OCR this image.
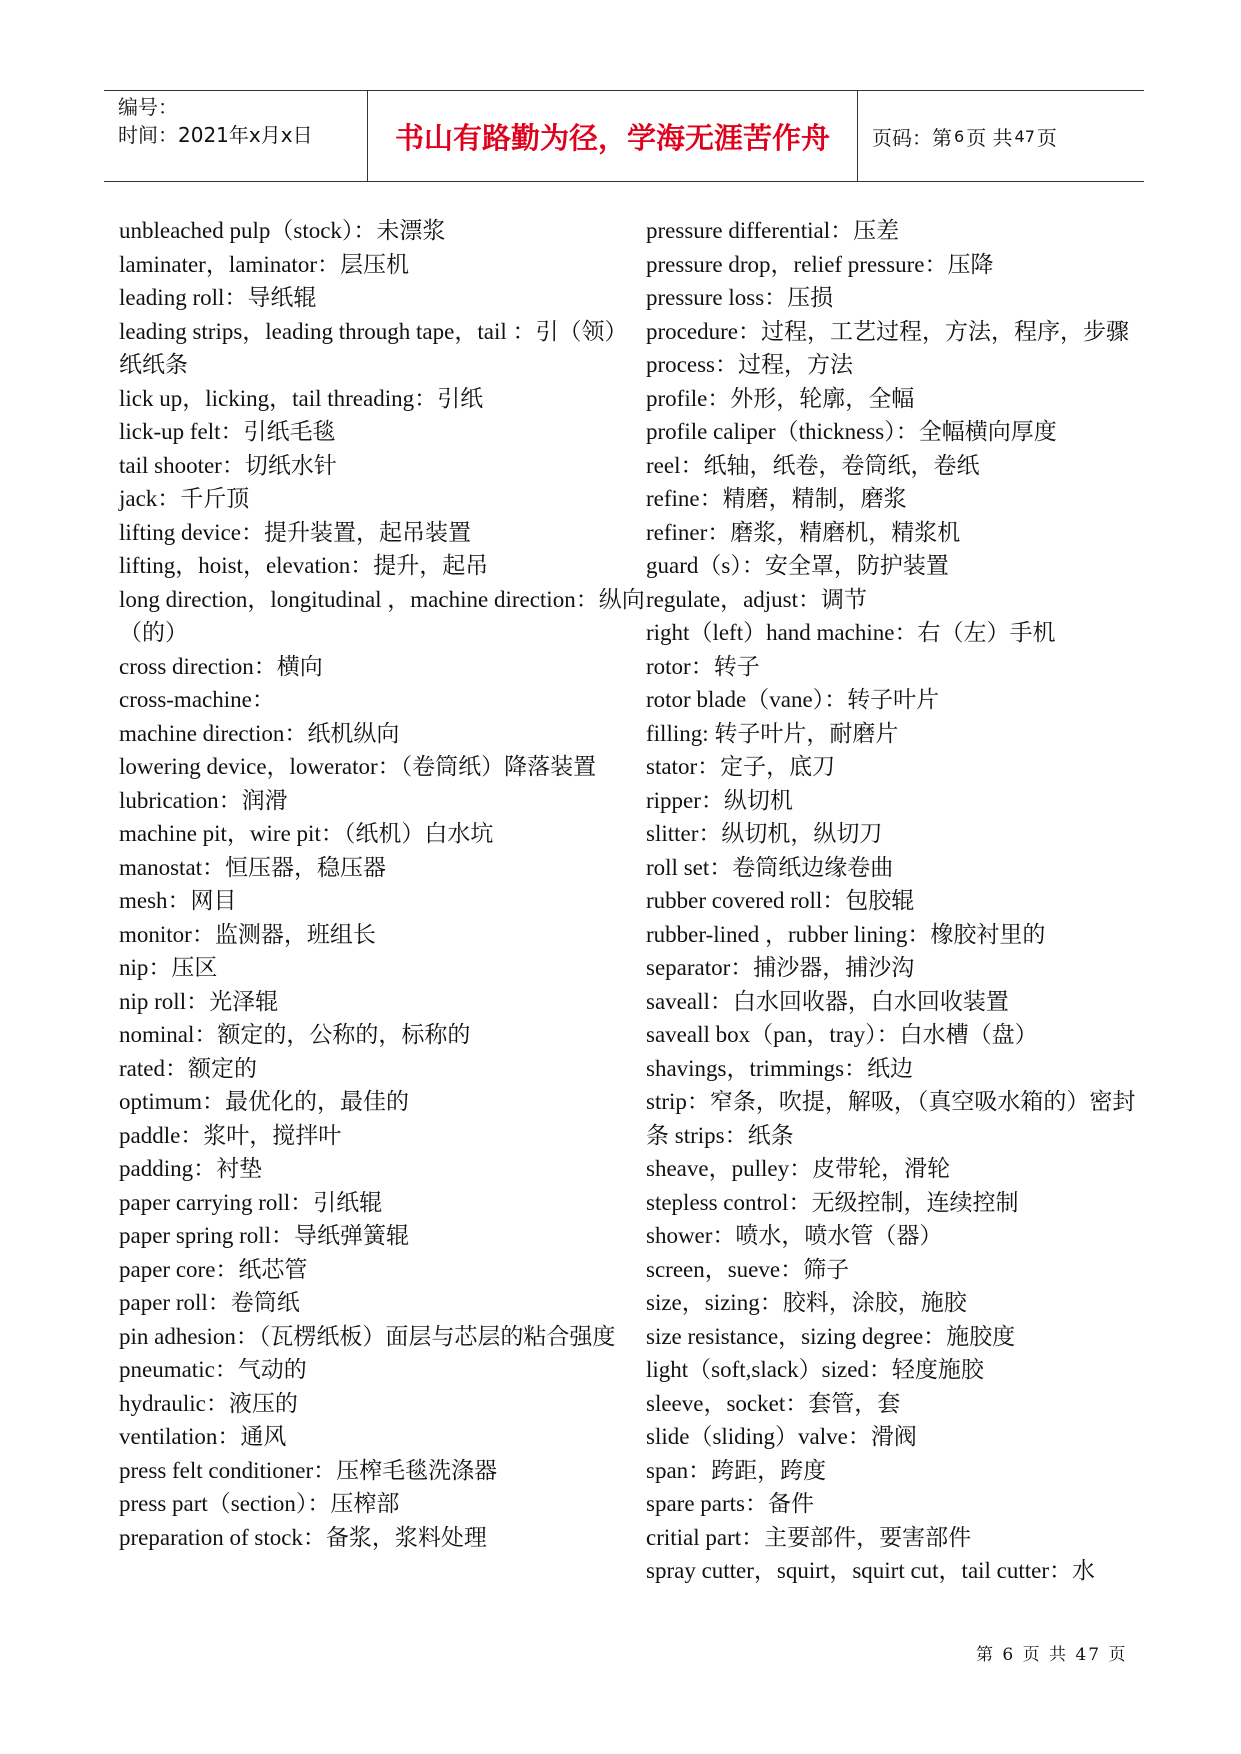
编号：
时间：2021年x月x日	书山有路勤为径，学海无涯苦作舟	页码：第 6 页 共 47 页

unbleached pulp（stock）：未漂浆

laminater，laminator：层压机

leading roll：导纸辊

leading strips，leading through tape，tail ：引（领）纸纸条

lick up，licking，tail threading：引纸

lick-up felt：引纸毛毯

tail shooter：切纸水针

jack：千斤顶

lifting device：提升装置，起吊装置

lifting，hoist，elevation：提升，起吊

long direction，longitudinal ，machine direction：纵向（的）

cross direction：横向

cross-machine：

machine direction：纸机纵向

lowering device，lowerator：（卷筒纸）降落装置

lubrication：润滑

machine pit，wire pit：（纸机）白水坑

manostat：恒压器，稳压器

mesh：网目

monitor：监测器，班组长

nip：压区

nip roll：光泽辊

nominal：额定的，公称的，标称的

rated：额定的

optimum：最优化的，最佳的

paddle：浆叶，搅拌叶

padding：衬垫

paper carrying roll：引纸辊

paper spring roll：导纸弹簧辊

paper core：纸芯管

paper roll：卷筒纸

pin adhesion：（瓦楞纸板）面层与芯层的粘合强度

pneumatic：气动的

hydraulic：液压的

ventilation：通风

press felt conditioner：压榨毛毯洗涤器

press part（section）：压榨部

preparation of stock：备浆，浆料处理

pressure differential：压差

pressure drop，relief pressure：压降

pressure loss：压损

procedure：过程，工艺过程，方法，程序，步骤

process：过程，方法

profile：外形，轮廓，全幅

profile caliper（thickness）：全幅横向厚度

reel：纸轴，纸卷，卷筒纸，卷纸

refine：精磨，精制，磨浆

refiner：磨浆，精磨机，精浆机

guard（s）：安全罩，防护装置

regulate，adjust：调节

right（left）hand machine：右（左）手机

rotor：转子

rotor blade（vane）：转子叶片

filling: 转子叶片，耐磨片

stator：定子，底刀

ripper：纵切机

slitter：纵切机，纵切刀

roll set：卷筒纸边缘卷曲

rubber covered roll：包胶辊

rubber-lined ，rubber lining：橡胶衬里的

separator：捕沙器，捕沙沟

saveall：白水回收器，白水回收装置

saveall box（pan，tray）：白水槽（盘）

shavings，trimmings：纸边

strip：窄条，吹提，解吸，（真空吸水箱的）密封条 strips：纸条

sheave，pulley：皮带轮，滑轮

stepless control：无级控制，连续控制

shower：喷水，喷水管（器）

screen，sueve：筛子

size，sizing：胶料，涂胶，施胶

size resistance，sizing degree：施胶度

light（soft,slack）sized：轻度施胶

sleeve，socket：套管，套

slide（sliding）valve：滑阀

span：跨距，跨度

spare parts：备件

critial part：主要部件，要害部件

spray cutter，squirt，squirt cut，tail cutter：水

第 6 页 共 47 页
